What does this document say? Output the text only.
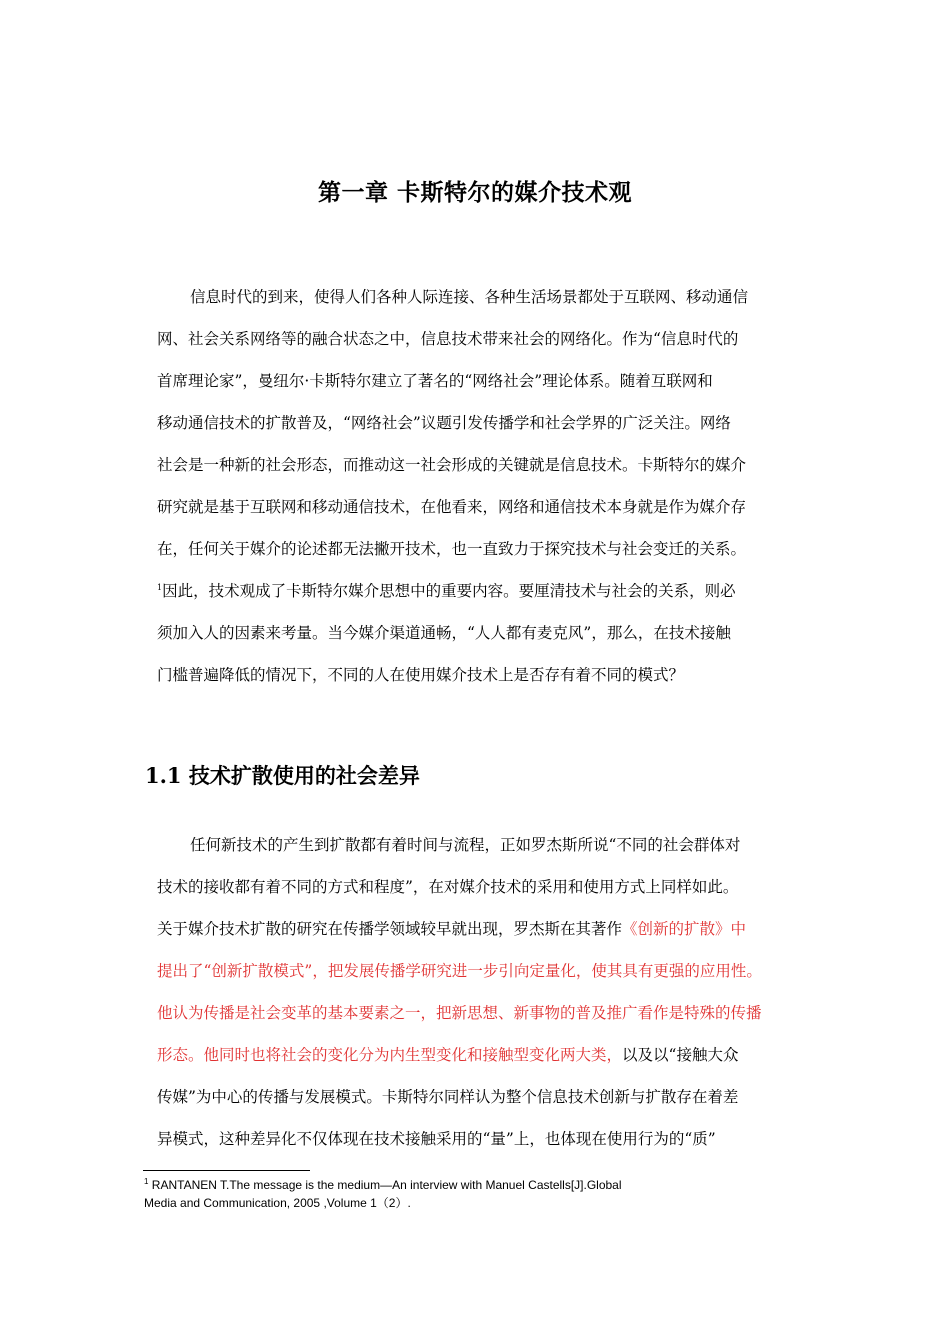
第一章 卡斯特尔的媒介技术观
信息时代的到来，使得人们各种人际连接、各种生活场景都处于互联网、移动通信
网、社会关系网络等的融合状态之中，信息技术带来社会的网络化。作为“信息时代的
首席理论家”，曼纽尔·卡斯特尔建立了著名的“网络社会”理论体系。随着互联网和
移动通信技术的扩散普及，“网络社会”议题引发传播学和社会学界的广泛关注。网络
社会是一种新的社会形态，而推动这一社会形成的关键就是信息技术。卡斯特尔的媒介
研究就是基于互联网和移动通信技术，在他看来，网络和通信技术本身就是作为媒介存
在，任何关于媒介的论述都无法撇开技术，也一直致力于探究技术与社会变迁的关系。
$^1$因此，技术观成了卡斯特尔媒介思想中的重要内容。要厘清技术与社会的关系，则必
须加入人的因素来考量。当今媒介渠道通畅，“人人都有麦克风”，那么，在技术接触
门槛普遍降低的情况下，不同的人在使用媒介技术上是否存有着不同的模式？
1.1 技术扩散使用的社会差异
任何新技术的产生到扩散都有着时间与流程，正如罗杰斯所说“不同的社会群体对
技术的接收都有着不同的方式和程度”，在对媒介技术的采用和使用方式上同样如此。
关于媒介技术扩散的研究在传播学领域较早就出现，罗杰斯在其著作《创新的扩散》中
提出了“创新扩散模式”，把发展传播学研究进一步引向定量化，使其具有更强的应用性。
他认为传播是社会变革的基本要素之一，把新思想、新事物的普及推广看作是特殊的传播
形态。他同时也将社会的变化分为内生型变化和接触型变化两大类，以及以“接触大众
传媒”为中心的传播与发展模式。卡斯特尔同样认为整个信息技术创新与扩散存在着差
异模式，这种差异化不仅体现在技术接触采用的“量”上，也体现在使用行为的“质”
$^1$ RANTANEN T.The message is the medium—An interview with Manuel Castells[J].Global
Media and Communication, 2005 ,Volume 1（2）.
